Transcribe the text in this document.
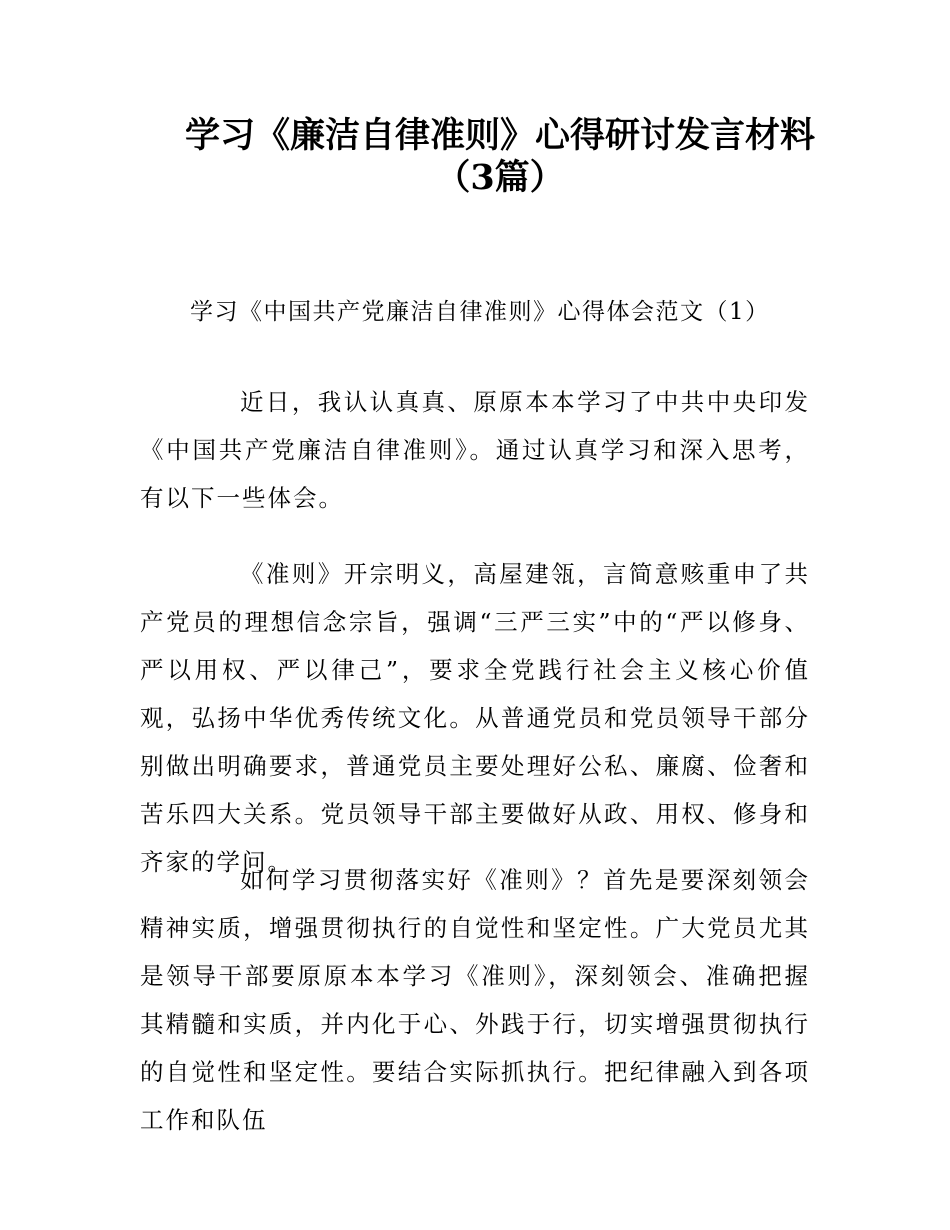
学习《廉洁自律准则》心得研讨发言材料
（3篇）

学习《中国共产党廉洁自律准则》心得体会范文（1）

近日，我认认真真、原原本本学习了中共中央印发《中国共产党廉洁自律准则》。通过认真学习和深入思考，有以下一些体会。

《准则》开宗明义，高屋建瓴，言简意赅重申了共产党员的理想信念宗旨，强调“三严三实”中的“严以修身、严以用权、严以律己”，要求全党践行社会主义核心价值观，弘扬中华优秀传统文化。从普通党员和党员领导干部分别做出明确要求，普通党员主要处理好公私、廉腐、俭奢和苦乐四大关系。党员领导干部主要做好从政、用权、修身和齐家的学问。

如何学习贯彻落实好《准则》？首先是要深刻领会精神实质，增强贯彻执行的自觉性和坚定性。广大党员尤其是领导干部要原原本本学习《准则》，深刻领会、准确把握其精髓和实质，并内化于心、外践于行，切实增强贯彻执行的自觉性和坚定性。要结合实际抓执行。把纪律融入到各项工作和队伍
